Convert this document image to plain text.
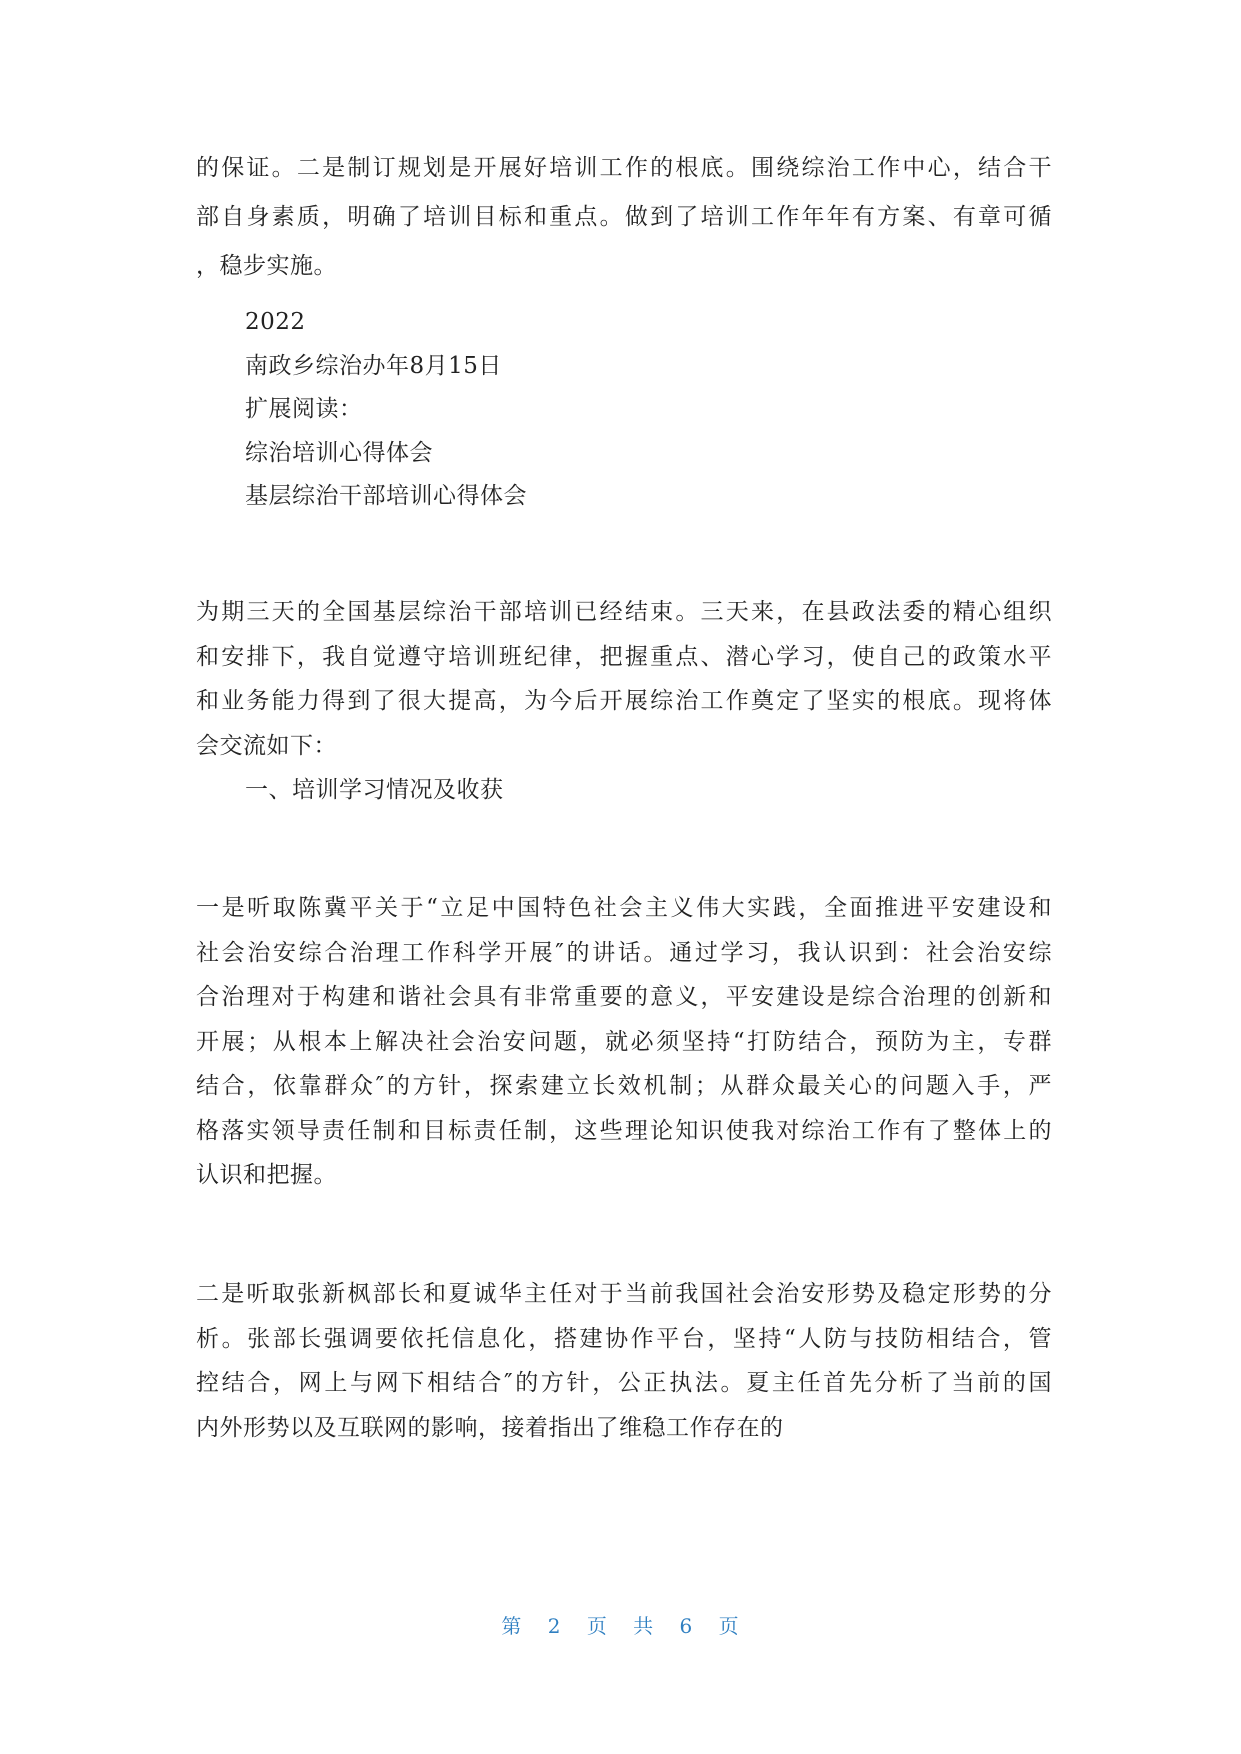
的保证。二是制订规划是开展好培训工作的根底。围绕综治工作中心，结合干
部自身素质，明确了培训目标和重点。做到了培训工作年年有方案、有章可循
，稳步实施。
2022
南政乡综治办年8月15日
扩展阅读：
综治培训心得体会
基层综治干部培训心得体会
为期三天的全国基层综治干部培训已经结束。三天来，在县政法委的精心组织
和安排下，我自觉遵守培训班纪律，把握重点、潜心学习，使自己的政策水平
和业务能力得到了很大提高，为今后开展综治工作奠定了坚实的根底。现将体
会交流如下：
一、培训学习情况及收获
一是听取陈冀平关于“立足中国特色社会主义伟大实践，全面推进平安建设和
社会治安综合治理工作科学开展″的讲话。通过学习，我认识到：社会治安综
合治理对于构建和谐社会具有非常重要的意义，平安建设是综合治理的创新和
开展；从根本上解决社会治安问题，就必须坚持“打防结合，预防为主，专群
结合，依靠群众″的方针，探索建立长效机制；从群众最关心的问题入手，严
格落实领导责任制和目标责任制，这些理论知识使我对综治工作有了整体上的
认识和把握。
二是听取张新枫部长和夏诚华主任对于当前我国社会治安形势及稳定形势的分
析。张部长强调要依托信息化，搭建协作平台，坚持“人防与技防相结合，管
控结合，网上与网下相结合″的方针，公正执法。夏主任首先分析了当前的国
内外形势以及互联网的影响，接着指出了维稳工作存在的
第 2 页 共 6 页
